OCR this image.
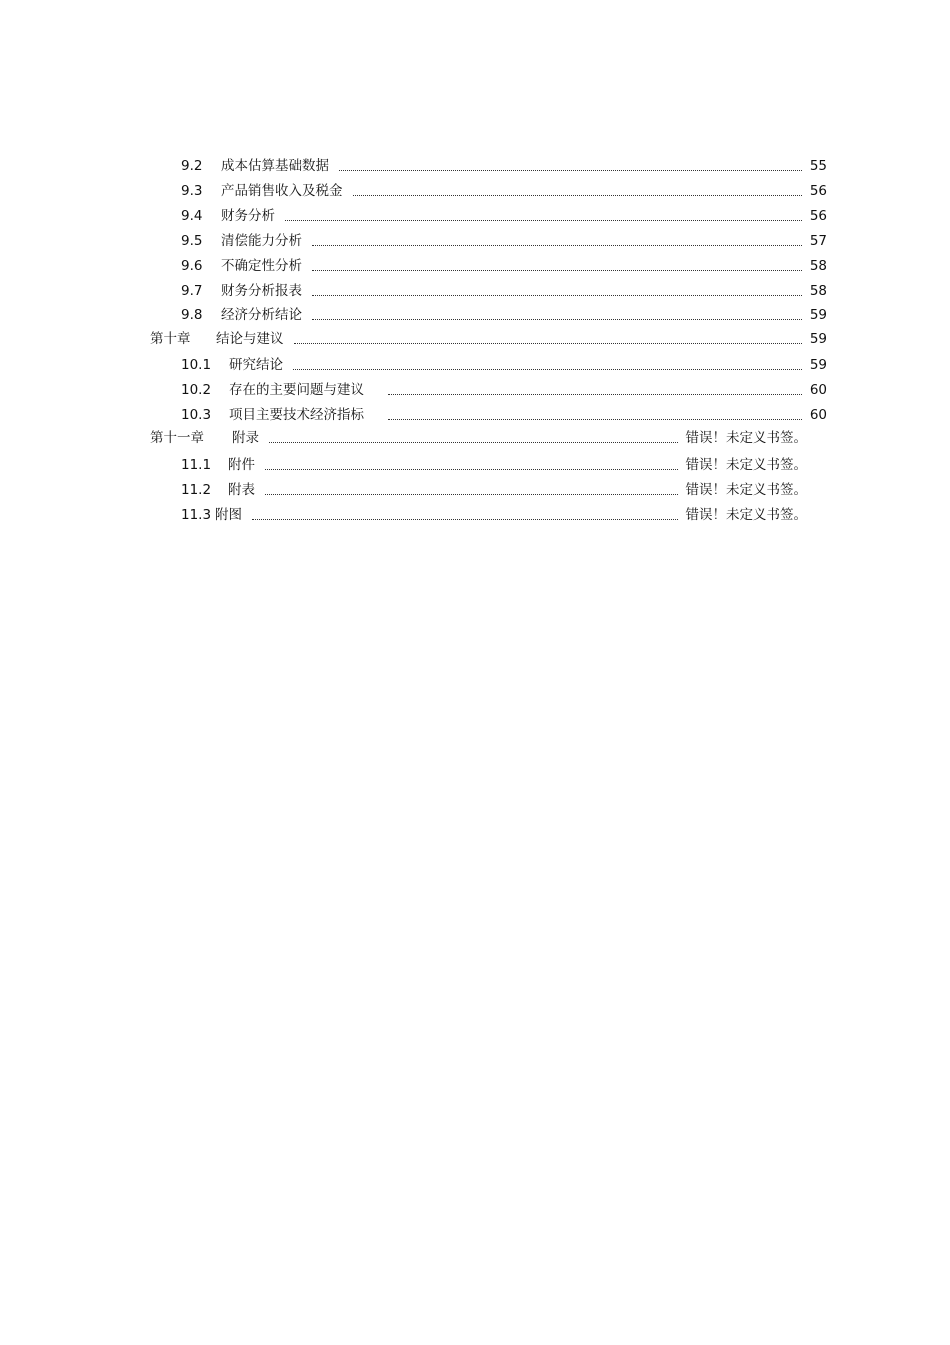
9.2	成本估算基础数据	55
9.3	产品销售收入及税金	56
9.4	财务分析	56
9.5	清偿能力分析	57
9.6	不确定性分析	58
9.7	财务分析报表	58
9.8	经济分析结论	59
第十章	结论与建议	59
10.1	研究结论	59
10.2	存在的主要问题与建议	60
10.3	项目主要技术经济指标	60
第十一章	附录	错误！未定义书签。
11.1	附件	错误！未定义书签。
11.2	附表	错误！未定义书签。
11.3 附图	错误！未定义书签。
